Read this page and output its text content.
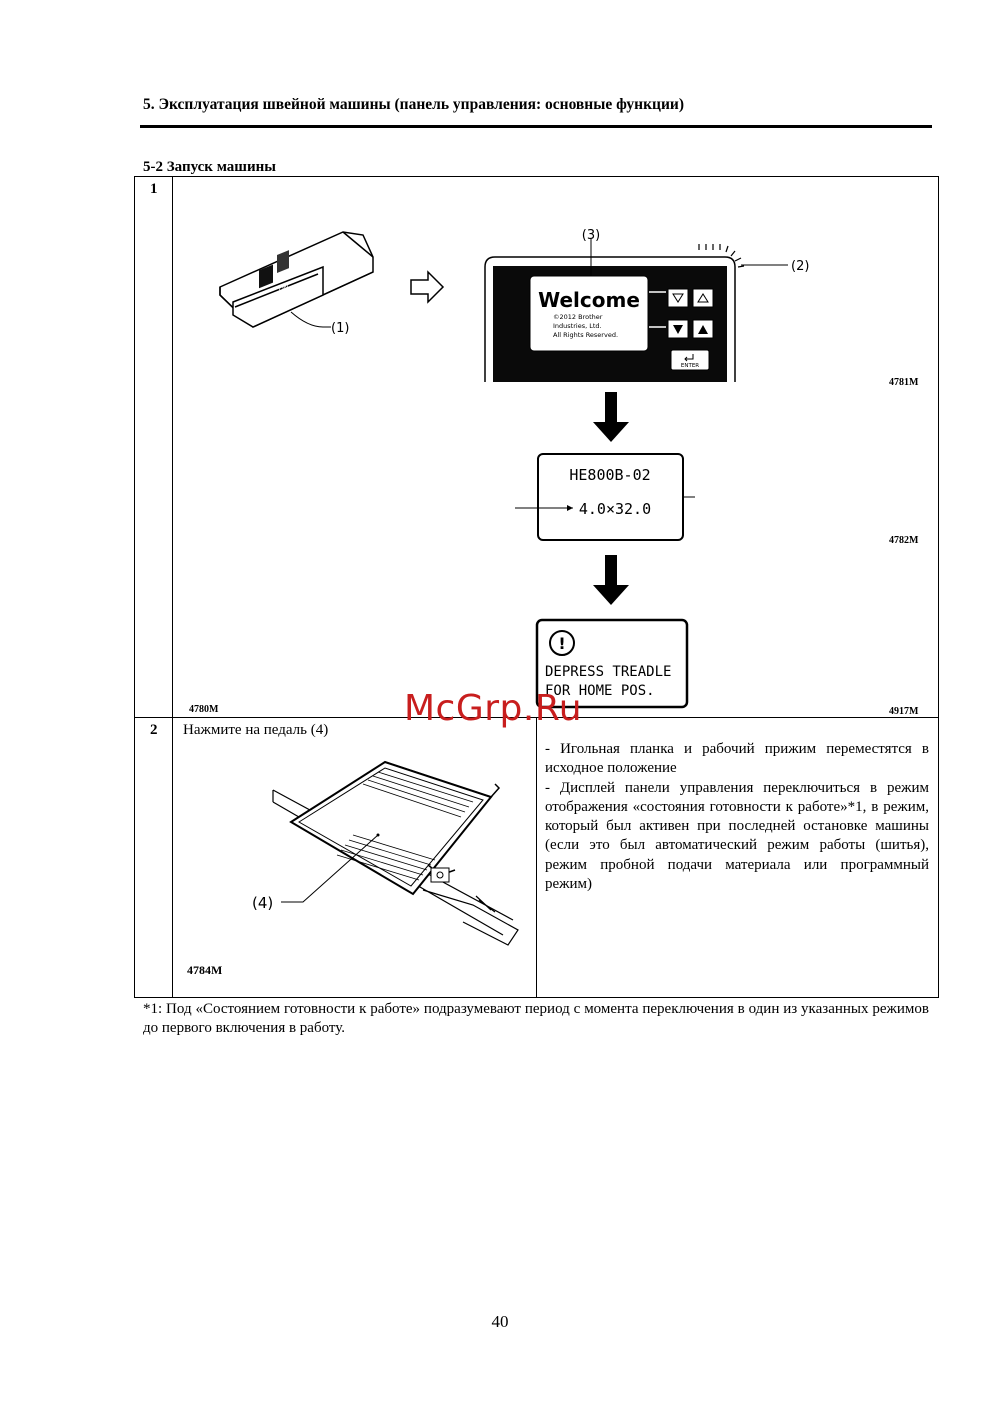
5. Эксплуатация швейной машины (панель управления: основные функции)
5-2 Запуск машины
1
2
OFF
ON
(1)
Welcome
©2012 Brother
Industries, Ltd.
All Rights Reserved.
ENTER
(3)
(2)
4781M
HE800B-02
4.0×32.0
4782M
!
DEPRESS TREADLE
FOR HOME POS.
4780M	4917M
Нажмите на педаль (4)
(4)
4784M

- Игольная планка и рабочий прижим переместятся в исходное положение

- Дисплей панели управления переключиться в режим отображения «состояния готовности к работе»*1, в режим, который был активен при последней остановке машины (если это был автоматический режим работы (шитья), режим пробной подачи материала или программный режим)

*1: Под «Состоянием готовности к работе» подразумевают период с момента переключения в один из указанных режимов до первого включения в работу.
McGrp.Ru
40
